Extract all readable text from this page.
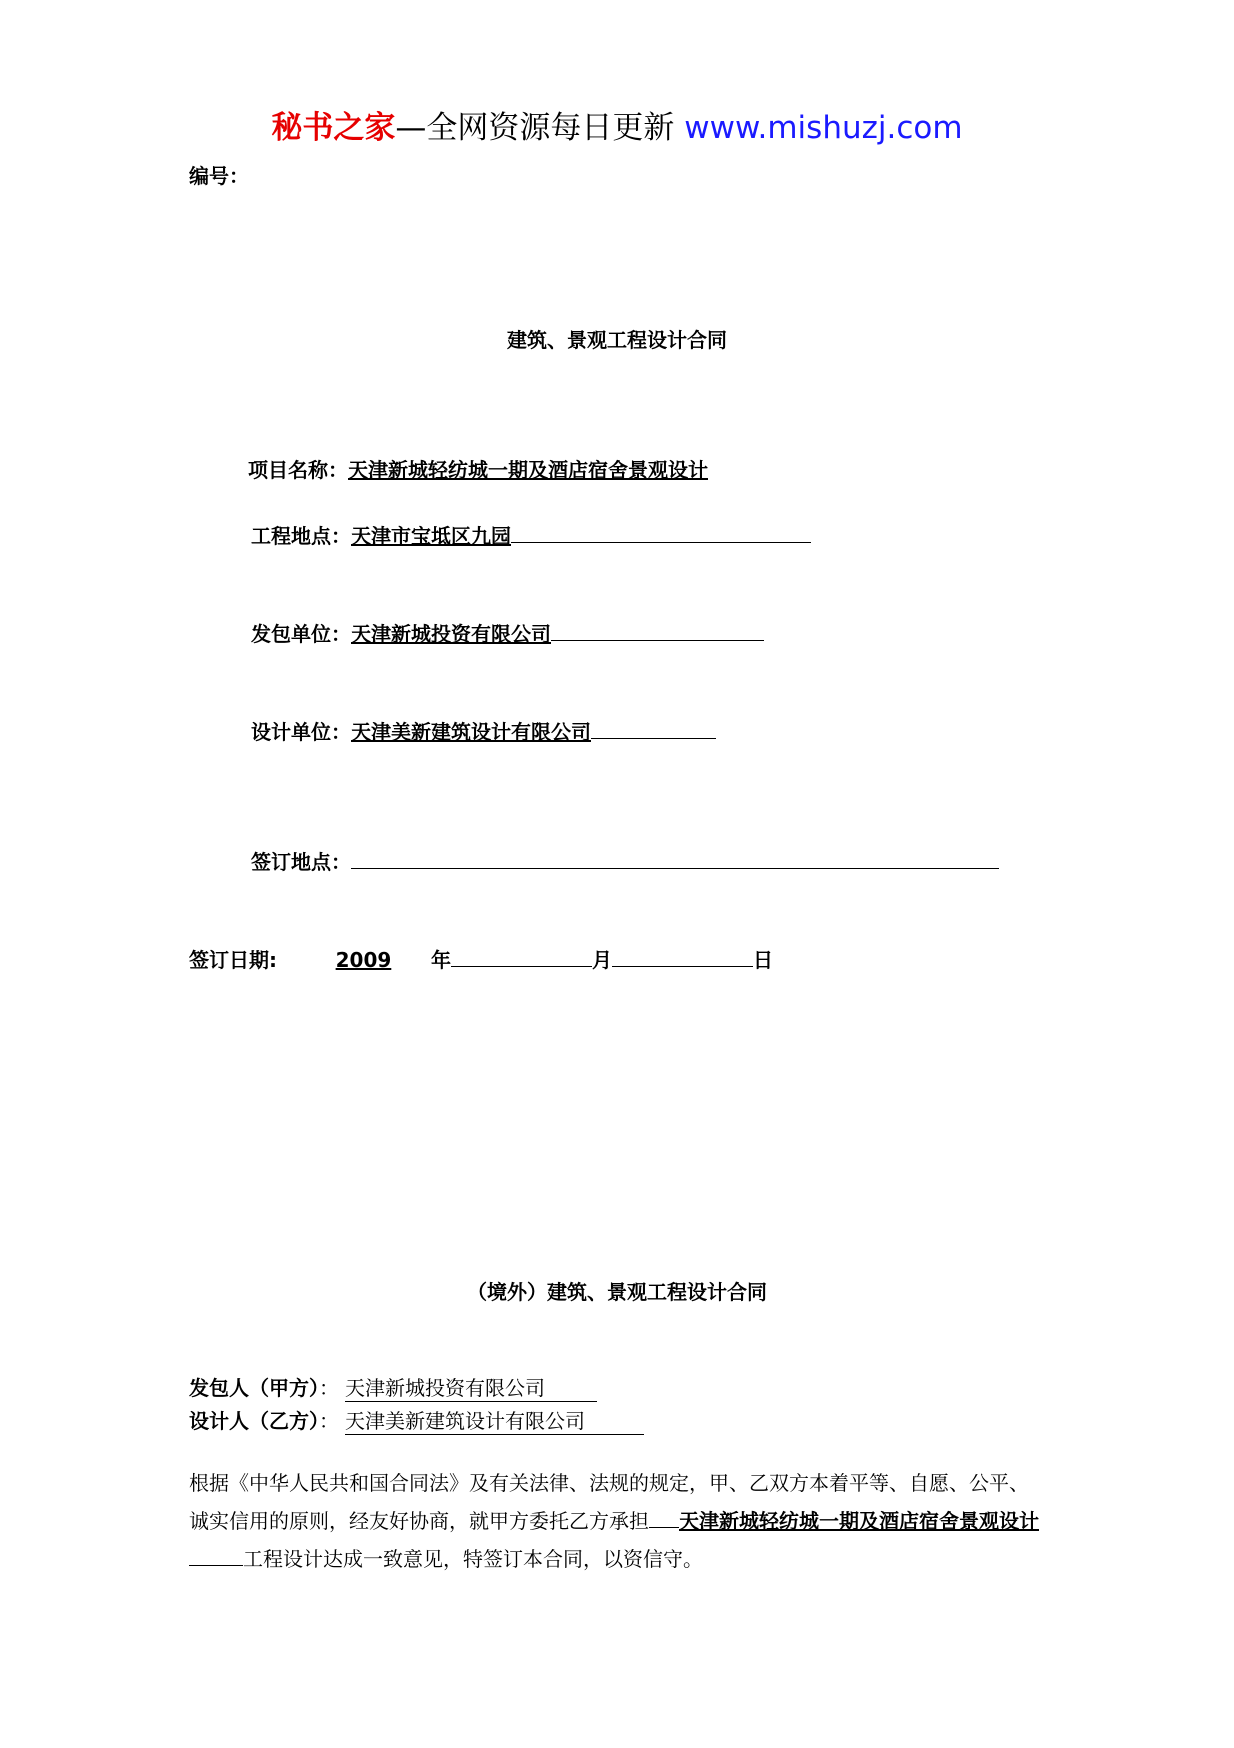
秘书之家—全网资源每日更新 www.mishuzj.com
编号：
建筑、景观工程设计合同
项目名称：天津新城轻纺城一期及酒店宿舍景观设计
工程地点：天津市宝坻区九园
发包单位：天津新城投资有限公司
设计单位：天津美新建筑设计有限公司
签订地点：
签订日期:	2009 年	月	日
（境外）建筑、景观工程设计合同
发包人（甲方）： 天津新城投资有限公司
设计人（乙方）： 天津美新建筑设计有限公司
根据《中华人民共和国合同法》及有关法律、法规的规定，甲、乙双方本着平等、自愿、公平、诚实信用的原则，经友好协商，就甲方委托乙方承担 天津新城轻纺城一期及酒店宿舍景观设计工程设计达成一致意见，特签订本合同，以资信守。
